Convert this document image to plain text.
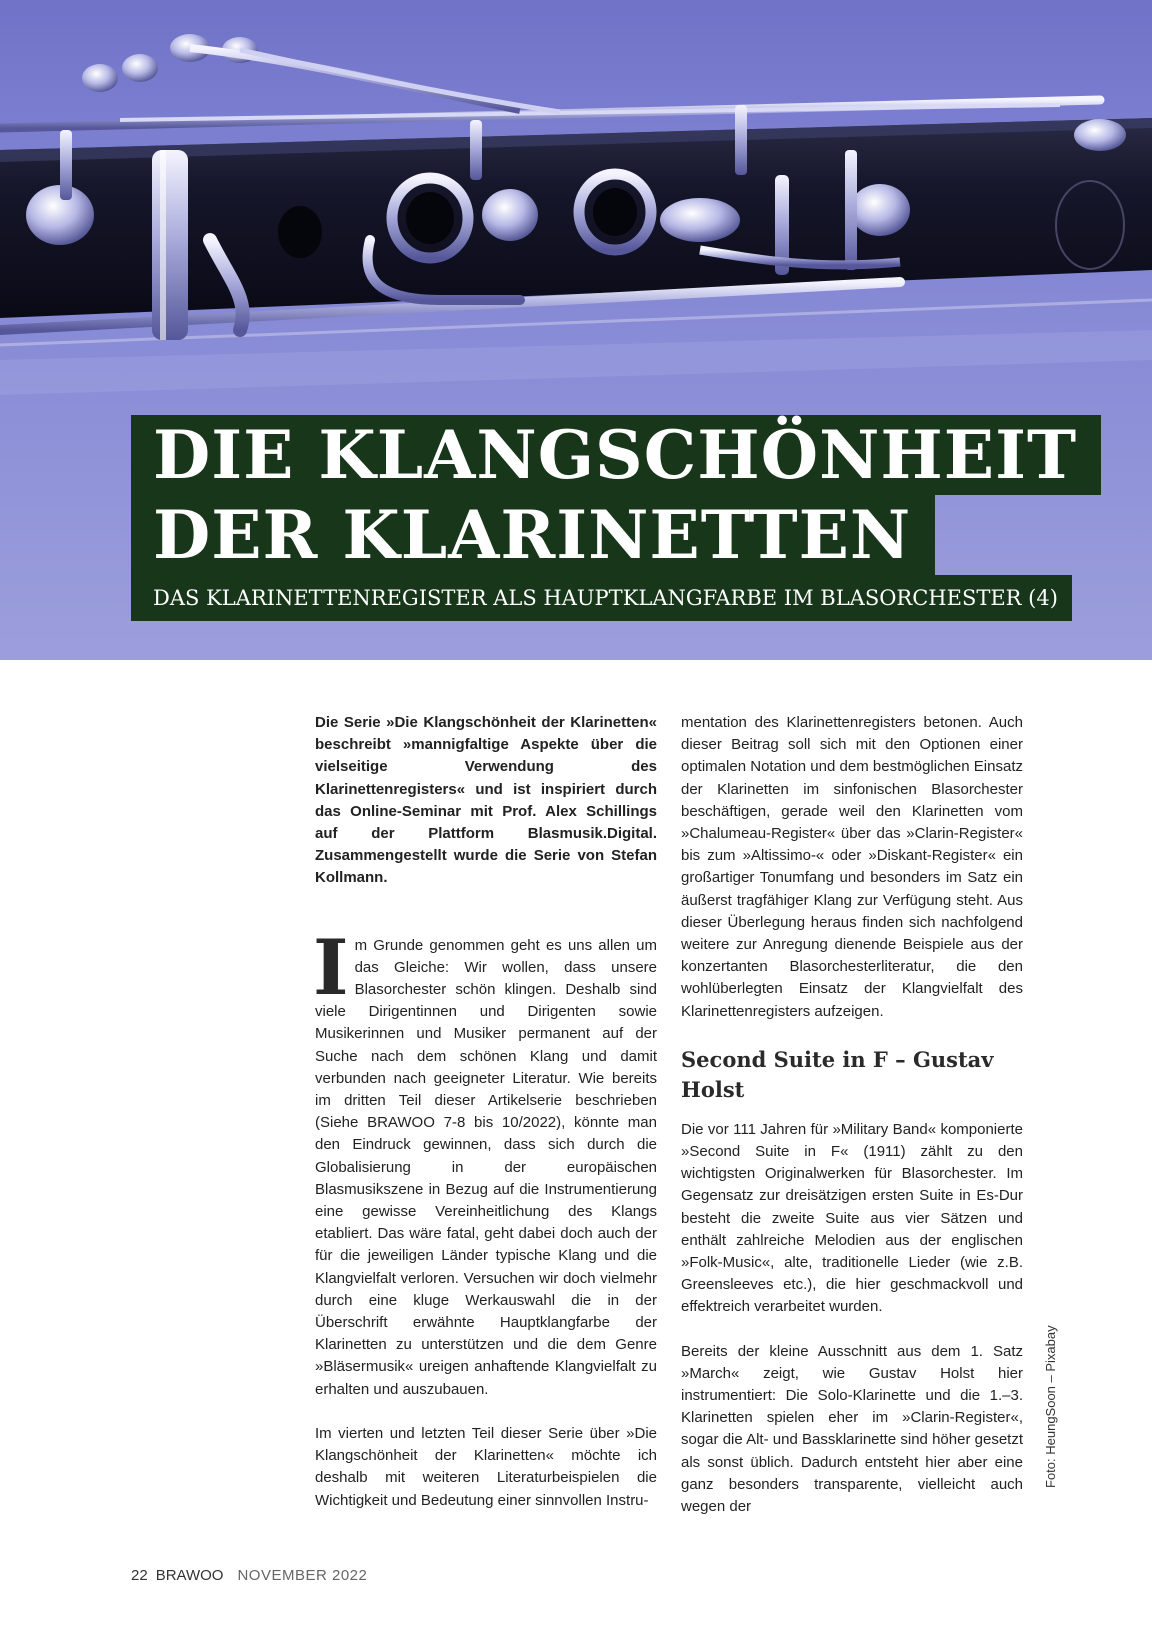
DIE KLANGSCHÖNHEIT
DER KLARINETTEN
DAS KLARINETTENREGISTER ALS HAUPTKLANGFARBE IM BLASORCHESTER (4)

Die Serie »Die Klangschönheit der Klarinetten« beschreibt »mannigfaltige Aspekte über die vielseitige Verwendung des Klarinettenregisters« und ist inspiriert durch das Online-Seminar mit Prof. Alex Schillings auf der Plattform Blasmusik.Digital. Zusammengestellt wurde die Serie von Stefan Kollmann.

Im Grunde genommen geht es uns allen um das Gleiche: Wir wollen, dass unsere Blasorchester schön klingen. Deshalb sind viele Dirigentinnen und Dirigenten sowie Musikerinnen und Musiker permanent auf der Suche nach dem schönen Klang und damit verbunden nach geeigneter Literatur. Wie bereits im dritten Teil dieser Artikelserie beschrieben (Siehe BRAWOO 7-8 bis 10/2022), könnte man den Eindruck gewinnen, dass sich durch die Globalisierung in der europäischen Blasmusikszene in Bezug auf die Instrumentierung eine gewisse Vereinheitlichung des Klangs etabliert. Das wäre fatal, geht dabei doch auch der für die jeweiligen Länder typische Klang und die Klangvielfalt verloren. Versuchen wir doch vielmehr durch eine kluge Werkauswahl die in der Überschrift erwähnte Hauptklangfarbe der Klarinetten zu unterstützen und die dem Genre »Bläsermusik« ureigen anhaftende Klangvielfalt zu erhalten und auszubauen.

Im vierten und letzten Teil dieser Serie über »Die Klangschönheit der Klarinetten« möchte ich deshalb mit weiteren Literaturbeispielen die Wichtigkeit und Bedeutung einer sinnvollen Instru-

mentation des Klarinettenregisters betonen. Auch dieser Beitrag soll sich mit den Optionen einer optimalen Notation und dem bestmöglichen Einsatz der Klarinetten im sinfonischen Blasorchester beschäftigen, gerade weil den Klarinetten vom »Chalumeau-Register« über das »Clarin-Register« bis zum »Altissimo-« oder »Diskant-Register« ein großartiger Tonumfang und besonders im Satz ein äußerst tragfähiger Klang zur Verfügung steht. Aus dieser Überlegung heraus finden sich nachfolgend weitere zur Anregung dienende Beispiele aus der konzertanten Blasorchesterliteratur, die den wohlüberlegten Einsatz der Klangvielfalt des Klarinettenregisters aufzeigen.

Second Suite in F – Gustav Holst

Die vor 111 Jahren für »Military Band« komponierte »Second Suite in F« (1911) zählt zu den wichtigsten Originalwerken für Blasorchester. Im Gegensatz zur dreisätzigen ersten Suite in Es-Dur besteht die zweite Suite aus vier Sätzen und enthält zahlreiche Melodien aus der englischen »Folk-Music«, alte, traditionelle Lieder (wie z.B. Greensleeves etc.), die hier geschmackvoll und effektreich verarbeitet wurden.

Bereits der kleine Ausschnitt aus dem 1. Satz »March« zeigt, wie Gustav Holst hier instrumentiert: Die Solo-Klarinette und die 1.–3. Klarinetten spielen eher im »Clarin-Register«, sogar die Alt- und Bassklarinette sind höher gesetzt als sonst üblich. Dadurch entsteht hier aber eine ganz besonders transparente, vielleicht auch wegen der

Foto: HeungSoon – Pixabay
22 BRAWOO NOVEMBER 2022
